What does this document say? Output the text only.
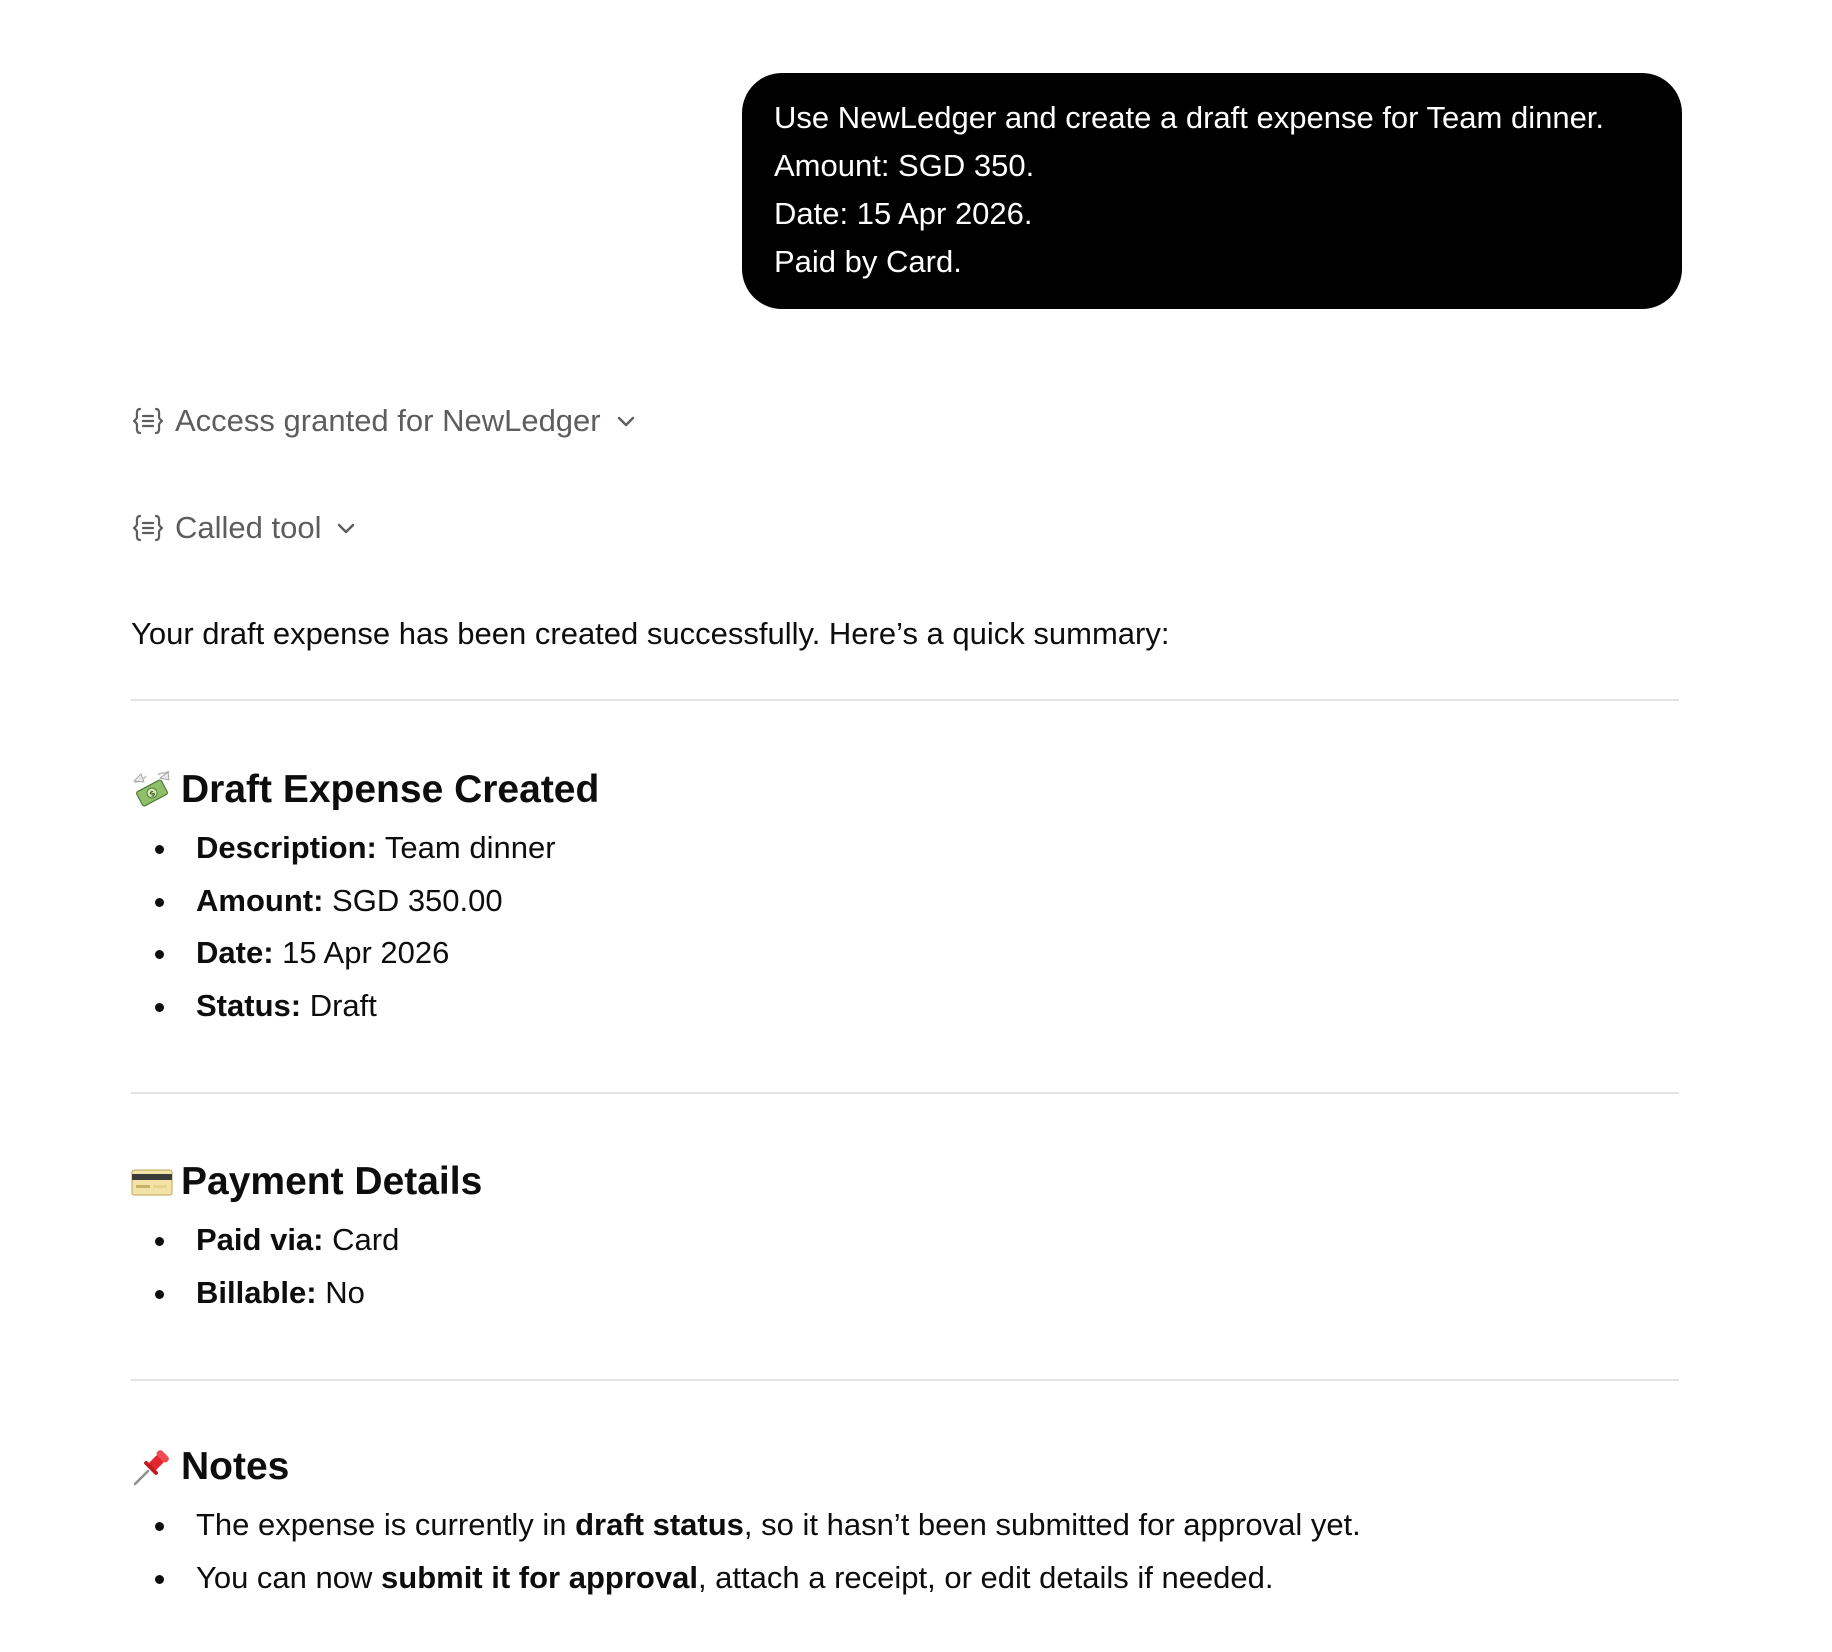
Use NewLedger and create a draft expense for Team dinner.
Amount: SGD 350.
Date: 15 Apr 2026.
Paid by Card.
Access granted for NewLedger
Called tool

Your draft expense has been created successfully. Here’s a quick summary:

$ Draft Expense Created
Description: Team dinner
Amount: SGD 350.00
Date: 15 Apr 2026
Status: Draft
Payment Details
Paid via: Card
Billable: No
Notes
The expense is currently in draft status, so it hasn’t been submitted for approval yet.
You can now submit it for approval, attach a receipt, or edit details if needed.
